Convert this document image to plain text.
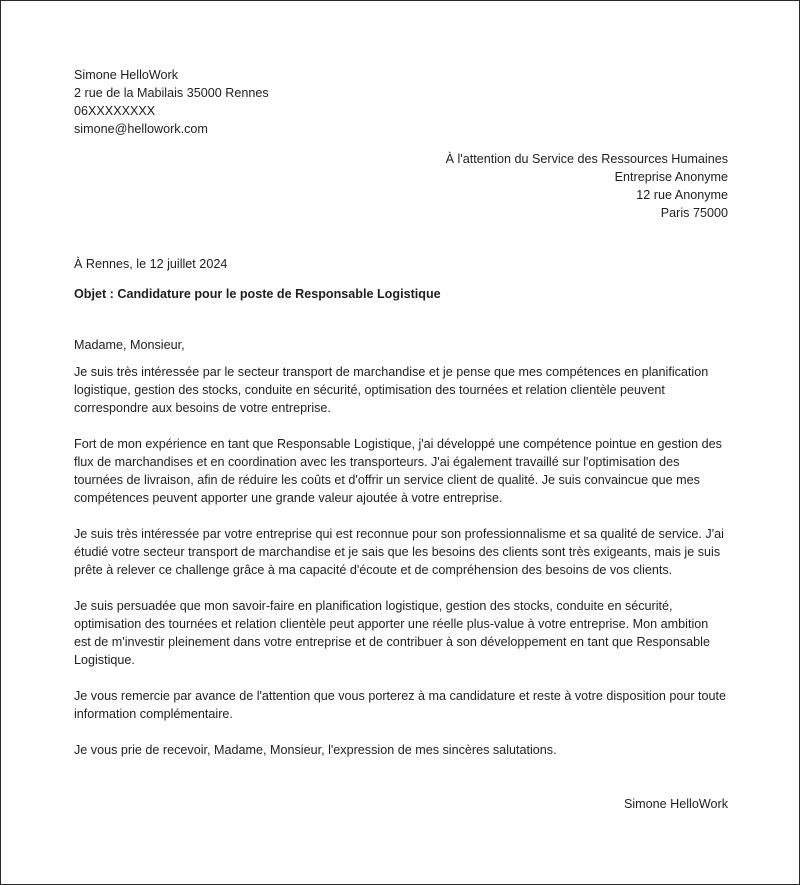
Simone HelloWork
2 rue de la Mabilais 35000 Rennes
06XXXXXXXX
simone@hellowork.com
À l'attention du Service des Ressources Humaines
Entreprise Anonyme
12 rue Anonyme
Paris 75000
À Rennes, le 12 juillet 2024
Objet : Candidature pour le poste de Responsable Logistique
Madame, Monsieur,
Je suis très intéressée par le secteur transport de marchandise et je pense que mes compétences en planification logistique, gestion des stocks, conduite en sécurité, optimisation des tournées et relation clientèle peuvent correspondre aux besoins de votre entreprise.
Fort de mon expérience en tant que Responsable Logistique, j'ai développé une compétence pointue en gestion des flux de marchandises et en coordination avec les transporteurs. J'ai également travaillé sur l'optimisation des tournées de livraison, afin de réduire les coûts et d'offrir un service client de qualité. Je suis convaincue que mes compétences peuvent apporter une grande valeur ajoutée à votre entreprise.
Je suis très intéressée par votre entreprise qui est reconnue pour son professionnalisme et sa qualité de service. J'ai étudié votre secteur transport de marchandise et je sais que les besoins des clients sont très exigeants, mais je suis prête à relever ce challenge grâce à ma capacité d'écoute et de compréhension des besoins de vos clients.
Je suis persuadée que mon savoir-faire en planification logistique, gestion des stocks, conduite en sécurité, optimisation des tournées et relation clientèle peut apporter une réelle plus-value à votre entreprise. Mon ambition est de m'investir pleinement dans votre entreprise et de contribuer à son développement en tant que Responsable Logistique.
Je vous remercie par avance de l'attention que vous porterez à ma candidature et reste à votre disposition pour toute information complémentaire.
Je vous prie de recevoir, Madame, Monsieur, l'expression de mes sincères salutations.
Simone HelloWork
